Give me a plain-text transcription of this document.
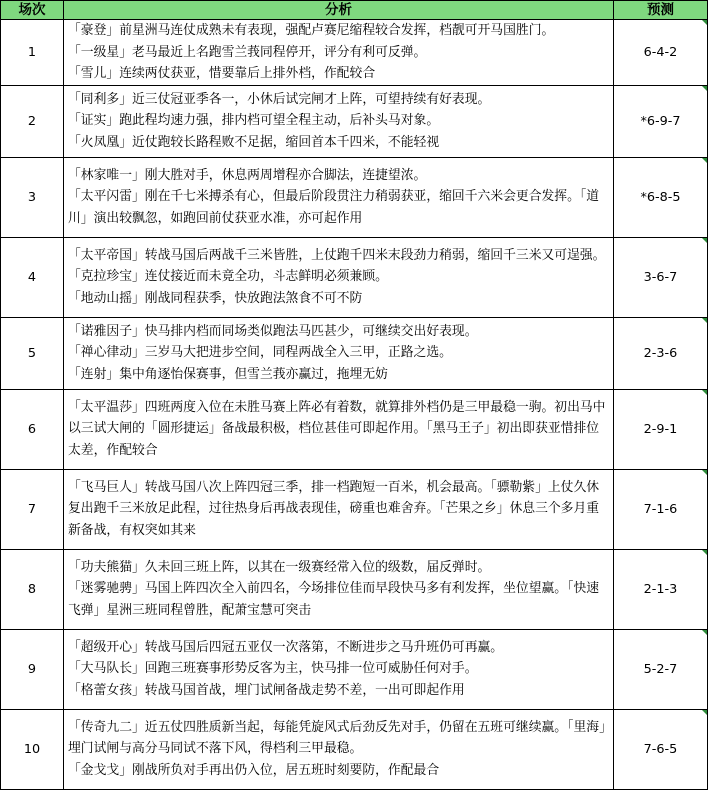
场次	分析	预测
1	「豪登」前星洲马连仗成熟未有表现，强配卢赛尼缩程较合发挥，档靓可开马国胜门。
「一级星」老马最近上名跑雪兰莪同程停开，评分有利可反弹。
「雪儿」连续两仗获亚，惜要靠后上排外档，作配较合	6-4-2
2	「同利多」近三仗冠亚季各一，小休后试完闸才上阵，可望持续有好表现。
「证实」跑此程均速力强，排内档可望全程主动，后补头马对象。
「火凤凰」近仗跑较长路程败不足据，缩回首本千四米，不能轻视	*6-9-7
3	「林家唯一」刚大胜对手，休息两周增程亦合脚法，连捷望浓。
「太平闪雷」刚在千七米搏杀有心，但最后阶段贯注力稍弱获亚，缩回千六米会更合发挥。「道川」演出较飘忽，如跑回前仗获亚水准，亦可起作用	*6-8-5
4	「太平帝国」转战马国后两战千三米皆胜，上仗跑千四米末段劲力稍弱，缩回千三米又可逞强。「克拉珍宝」连仗接近而未竟全功，斗志鲜明必须兼顾。
「地动山摇」刚战同程获季，快放跑法煞食不可不防	3-6-7
5	「诺雅因子」快马排内档而同场类似跑法马匹甚少，可继续交出好表现。
「禅心律动」三岁马大把进步空间，同程两战全入三甲，正路之选。
「连射」集中角逐怡保赛事，但雪兰莪亦赢过，拖埋无妨	2-3-6
6	「太平温莎」四班两度入位在未胜马赛上阵必有着数，就算排外档仍是三甲最稳一驹。初出马中以三试大闸的「圆形捷运」备战最积极，档位甚佳可即起作用。「黑马王子」初出即获亚惜排位太差，作配较合	2-9-1
7	「飞马巨人」转战马国八次上阵四冠三季，排一档跑短一百米，机会最高。「骠勒紫」上仗久休复出跑千三米放足此程，过往热身后再战表现佳，磅重也难舍弃。「芒果之乡」休息三个多月重新备战，有权突如其来	7-1-6
8	「功夫熊猫」久未回三班上阵，以其在一级赛经常入位的级数，届反弹时。
「迷雾驰骋」马国上阵四次全入前四名，今场排位佳而早段快马多有利发挥，坐位望赢。「快速飞弹」星洲三班同程曾胜，配萧宝慧可突击	2-1-3
9	「超级开心」转战马国后四冠五亚仅一次落第，不断进步之马升班仍可再赢。
「大马队长」回跑三班赛事形势反客为主，快马排一位可威胁任何对手。
「格蕾女孩」转战马国首战，埋门试闸备战走势不差，一出可即起作用	5-2-7
10	「传奇九二」近五仗四胜质新当起，每能凭旋风式后劲反先对手，仍留在五班可继续赢。「里海」埋门试闸与高分马同试不落下风，得档利三甲最稳。
「金戈戈」刚战所负对手再出仍入位，居五班时刻要防，作配最合	7-6-5
